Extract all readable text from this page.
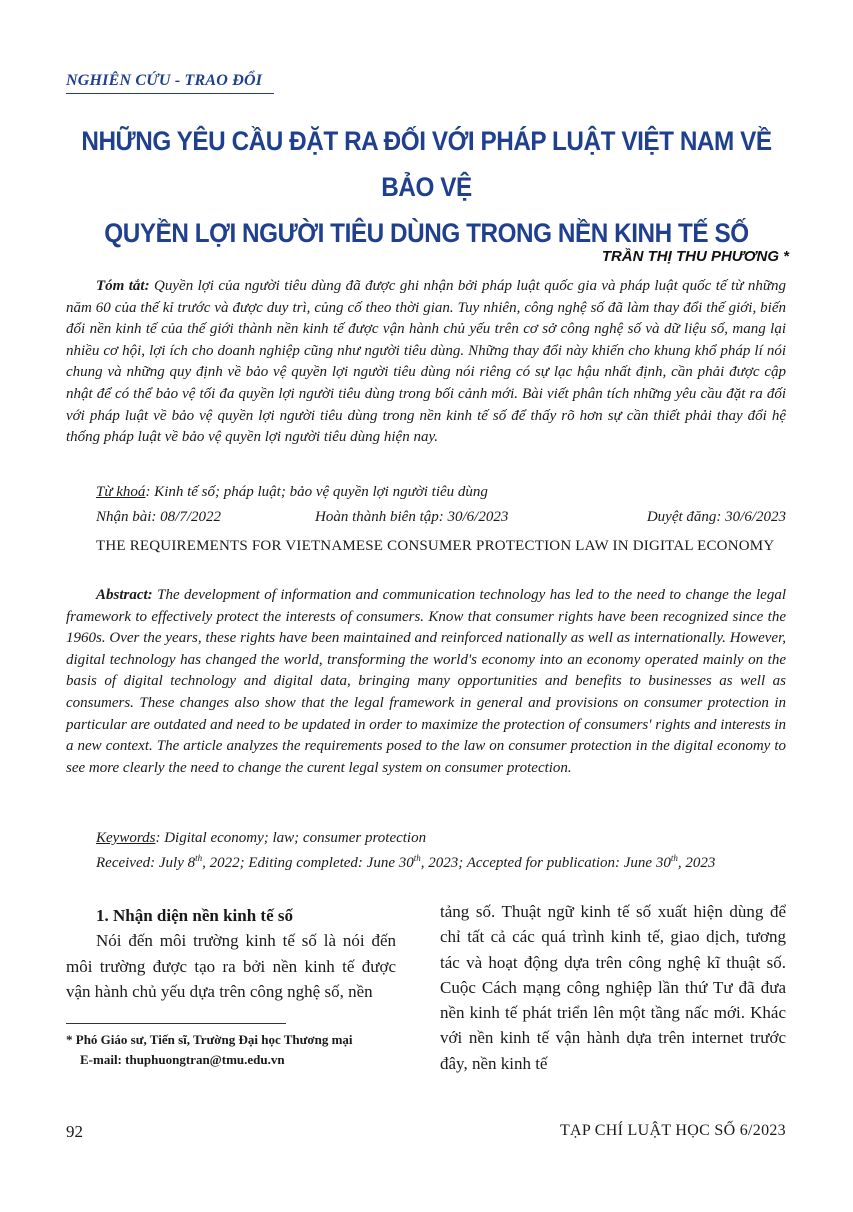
NGHIÊN CỨU - TRAO ĐỔI
NHỮNG YÊU CẦU ĐẶT RA ĐỐI VỚI PHÁP LUẬT VIỆT NAM VỀ BẢO VỆ
QUYỀN LỢI NGƯỜI TIÊU DÙNG TRONG NỀN KINH TẾ SỐ
TRẦN THỊ THU PHƯƠNG *
Tóm tắt: Quyền lợi của người tiêu dùng đã được ghi nhận bởi pháp luật quốc gia và pháp luật quốc tế từ những năm 60 của thế kỉ trước và được duy trì, củng cố theo thời gian. Tuy nhiên, công nghệ số đã làm thay đổi thế giới, biến đổi nền kinh tế của thế giới thành nền kinh tế được vận hành chủ yếu trên cơ sở công nghệ số và dữ liệu số, mang lại nhiều cơ hội, lợi ích cho doanh nghiệp cũng như người tiêu dùng. Những thay đổi này khiến cho khung khổ pháp lí nói chung và những quy định về bảo vệ quyền lợi người tiêu dùng nói riêng có sự lạc hậu nhất định, cần phải được cập nhật để có thể bảo vệ tối đa quyền lợi người tiêu dùng trong bối cảnh mới. Bài viết phân tích những yêu cầu đặt ra đối với pháp luật về bảo vệ quyền lợi người tiêu dùng trong nền kinh tế số để thấy rõ hơn sự cần thiết phải thay đổi hệ thống pháp luật về bảo vệ quyền lợi người tiêu dùng hiện nay.
Từ khoá: Kinh tế số; pháp luật; bảo vệ quyền lợi người tiêu dùng
Nhận bài: 08/7/2022	Hoàn thành biên tập: 30/6/2023	Duyệt đăng: 30/6/2023
THE REQUIREMENTS FOR VIETNAMESE CONSUMER PROTECTION LAW IN DIGITAL ECONOMY
Abstract: The development of information and communication technology has led to the need to change the legal framework to effectively protect the interests of consumers. Know that consumer rights have been recognized since the 1960s. Over the years, these rights have been maintained and reinforced nationally as well as internationally. However, digital technology has changed the world, transforming the world's economy into an economy operated mainly on the basis of digital technology and digital data, bringing many opportunities and benefits to businesses as well as consumers. These changes also show that the legal framework in general and provisions on consumer protection in particular are outdated and need to be updated in order to maximize the protection of consumers' rights and interests in a new context. The article analyzes the requirements posed to the law on consumer protection in the digital economy to see more clearly the need to change the curent legal system on consumer protection.
Keywords: Digital economy; law; consumer protection
Received: July 8th, 2022; Editing completed: June 30th, 2023; Accepted for publication: June 30th, 2023
1. Nhận diện nền kinh tế số
Nói đến môi trường kinh tế số là nói đến môi trường được tạo ra bởi nền kinh tế được vận hành chủ yếu dựa trên công nghệ số, nền
tảng số. Thuật ngữ kinh tế số xuất hiện dùng để chỉ tất cả các quá trình kinh tế, giao dịch, tương tác và hoạt động dựa trên công nghệ kĩ thuật số. Cuộc Cách mạng công nghiệp lần thứ Tư đã đưa nền kinh tế phát triển lên một tầng nấc mới. Khác với nền kinh tế vận hành dựa trên internet trước đây, nền kinh tế
* Phó Giáo sư, Tiến sĩ, Trường Đại học Thương mại
E-mail: thuphuongtran@tmu.edu.vn
92	TẠP CHÍ LUẬT HỌC SỐ 6/2023
